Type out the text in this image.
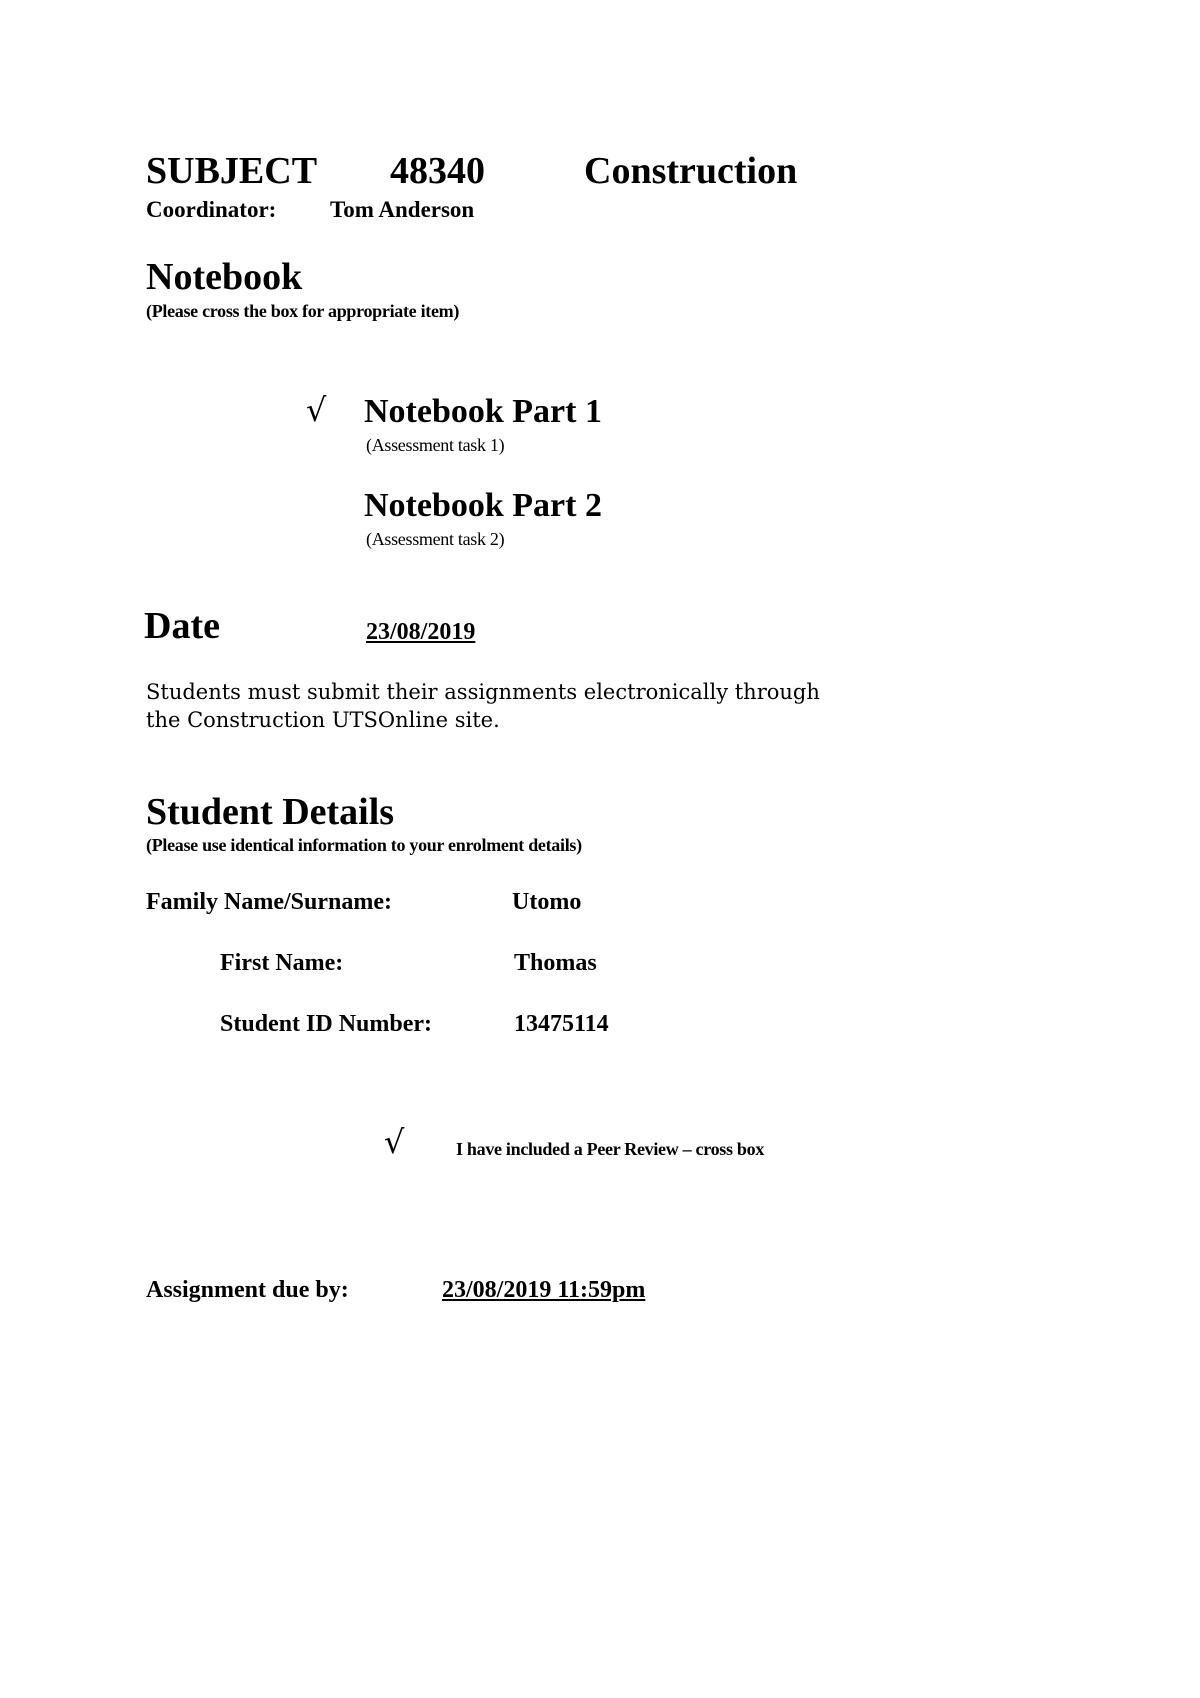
SUBJECT 48340	Construction
Coordinator: Tom Anderson
Notebook
(Please cross the box for appropriate item)
√ Notebook Part 1
(Assessment task 1)
Notebook Part 2
(Assessment task 2)
Date	23/08/2019
Students must submit their assignments electronically through
the Construction UTSOnline site.
Student Details
(Please use identical information to your enrolment details)
Family Name/Surname:	Utomo
First Name:	Thomas
Student ID Number:	13475114
√	I have included a Peer Review – cross box
Assignment due by:	23/08/2019 11:59pm
